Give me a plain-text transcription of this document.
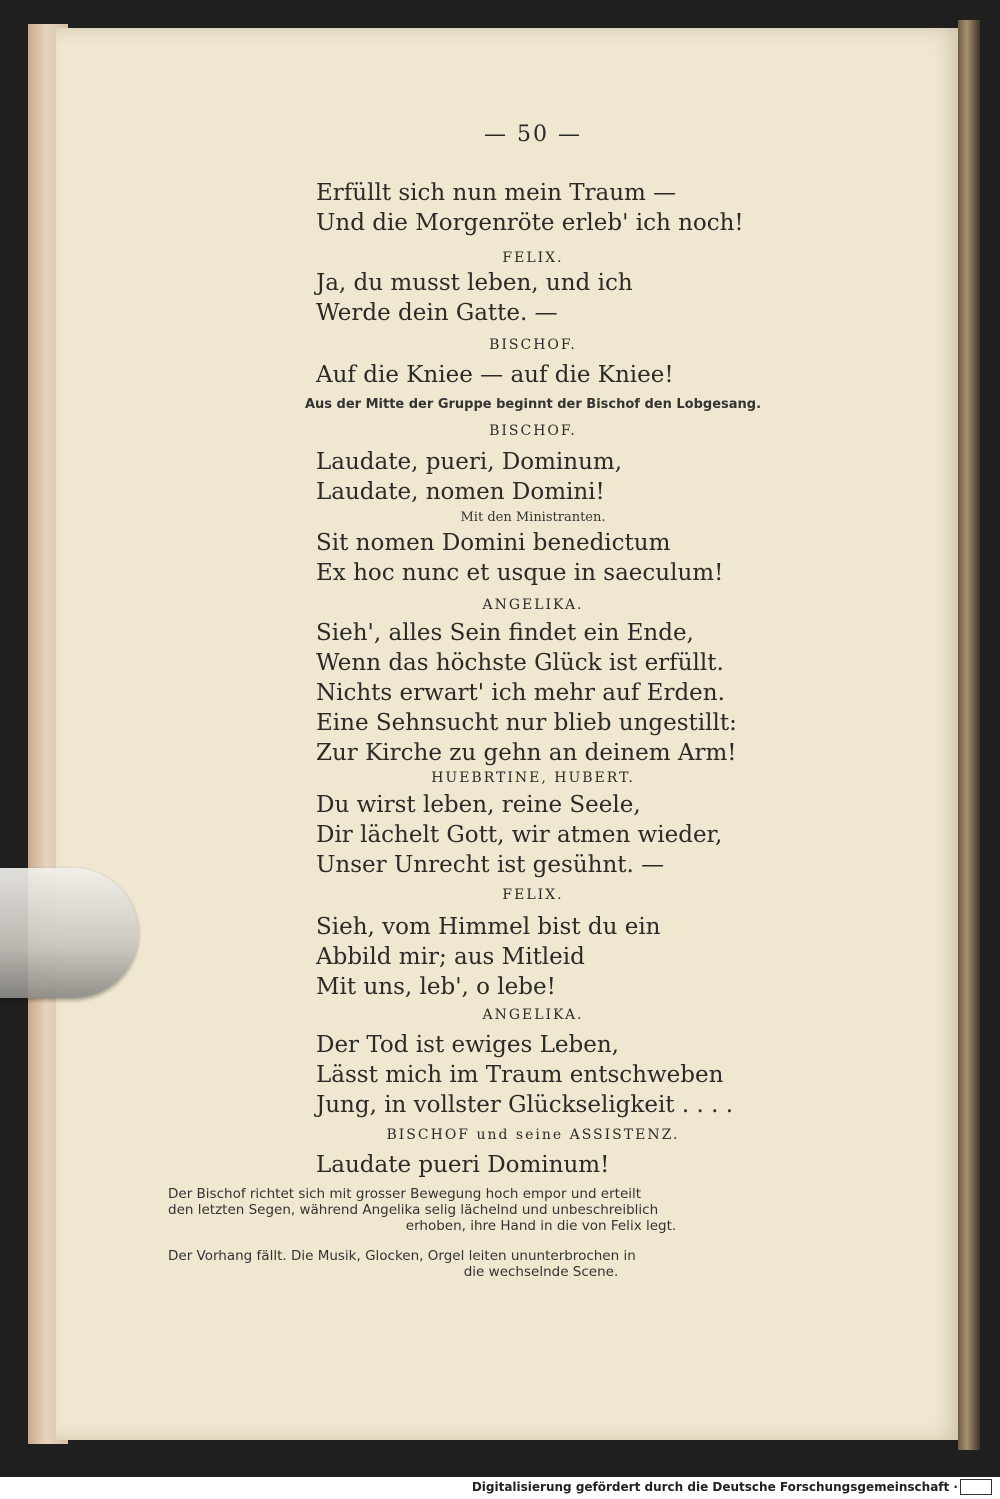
— 50 —
Erfüllt sich nun mein Traum —
Und die Morgenröte erleb' ich noch!
FELIX.
Ja, du musst leben, und ich
Werde dein Gatte. —
BISCHOF.
Auf die Kniee — auf die Kniee!
Aus der Mitte der Gruppe beginnt der Bischof den Lobgesang.
BISCHOF.
Laudate, pueri, Dominum,
Laudate, nomen Domini!
Mit den Ministranten.
Sit nomen Domini benedictum
Ex hoc nunc et usque in saeculum!
ANGELIKA.
Sieh', alles Sein findet ein Ende,
Wenn das höchste Glück ist erfüllt.
Nichts erwart' ich mehr auf Erden.
Eine Sehnsucht nur blieb ungestillt:
Zur Kirche zu gehn an deinem Arm!
HUEBRTINE, HUBERT.
Du wirst leben, reine Seele,
Dir lächelt Gott, wir atmen wieder,
Unser Unrecht ist gesühnt. —
FELIX.
Sieh, vom Himmel bist du ein
Abbild mir; aus Mitleid
Mit uns, leb', o lebe!
ANGELIKA.
Der Tod ist ewiges Leben,
Lässt mich im Traum entschweben
Jung, in vollster Glückseligkeit . . . .
BISCHOF und seine ASSISTENZ.
Laudate pueri Dominum!
Der Bischof richtet sich mit grosser Bewegung hoch empor und erteilt
den letzten Segen, während Angelika selig lächelnd und unbeschreiblich
erhoben, ihre Hand in die von Felix legt.
Der Vorhang fällt. Die Musik, Glocken, Orgel leiten ununterbrochen in
die wechselnde Scene.
Digitalisierung gefördert durch die Deutsche Forschungsgemeinschaft ·
